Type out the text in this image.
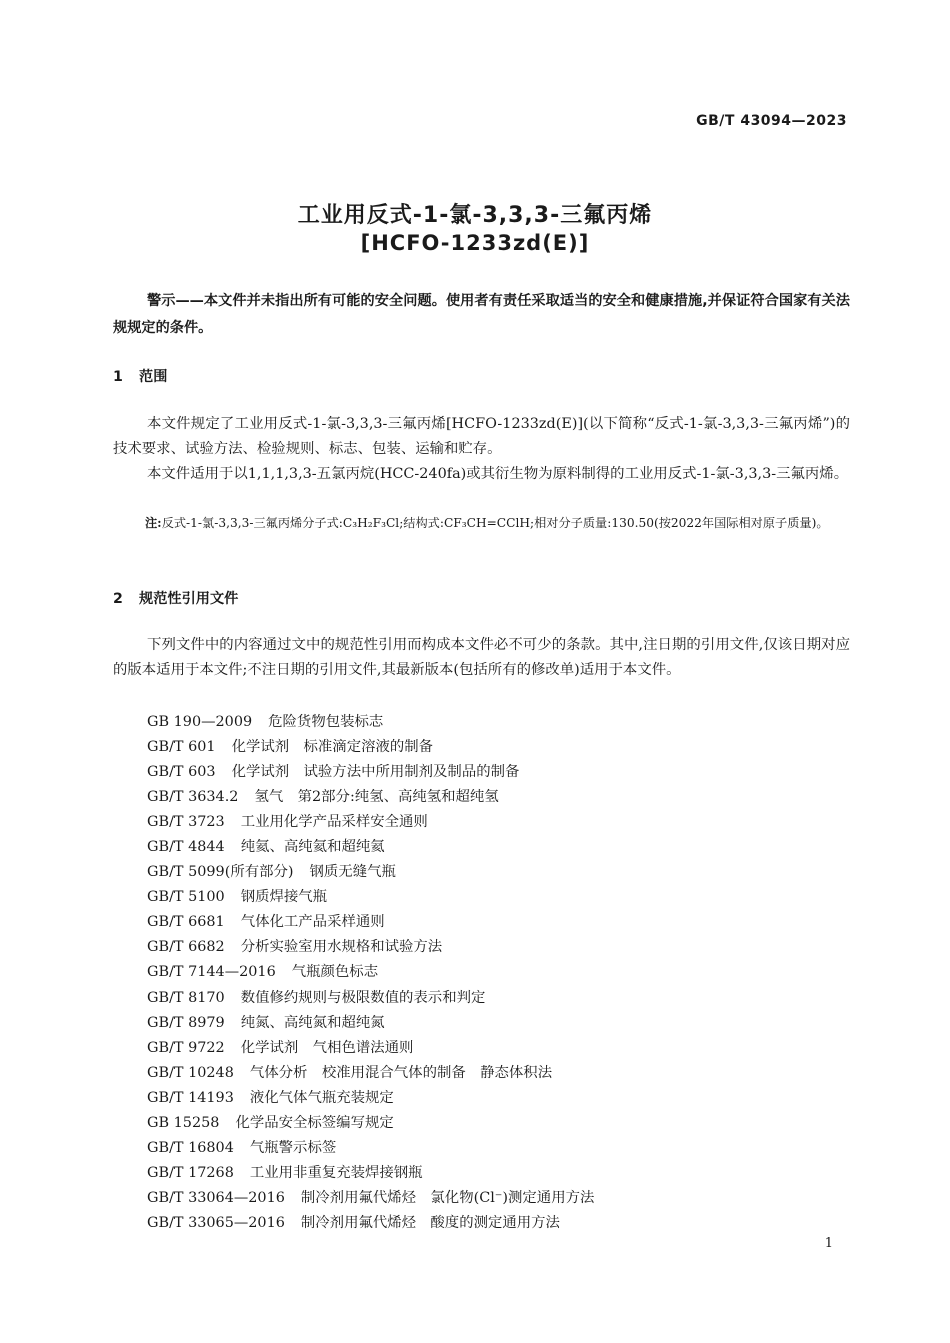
GB/T 43094—2023
工业用反式-1-氯-3,3,3-三氟丙烯
[HCFO-1233zd(E)]
警示——本文件并未指出所有可能的安全问题。使用者有责任采取适当的安全和健康措施,并保证符合国家有关法规规定的条件。
1 范围
本文件规定了工业用反式-1-氯-3,3,3-三氟丙烯[HCFO-1233zd(E)](以下简称“反式-1-氯-3,3,3-三氟丙烯”)的技术要求、试验方法、检验规则、标志、包装、运输和贮存。
本文件适用于以1,1,1,3,3-五氯丙烷(HCC-240fa)或其衍生物为原料制得的工业用反式-1-氯-3,3,3-三氟丙烯。
注:反式-1-氯-3,3,3-三氟丙烯分子式:C₃H₂F₃Cl;结构式:CF₃CH=CClH;相对分子质量:130.50(按2022年国际相对原子质量)。
2 规范性引用文件
下列文件中的内容通过文中的规范性引用而构成本文件必不可少的条款。其中,注日期的引用文件,仅该日期对应的版本适用于本文件;不注日期的引用文件,其最新版本(包括所有的修改单)适用于本文件。
GB 190—2009 危险货物包装标志
GB/T 601 化学试剂　标准滴定溶液的制备
GB/T 603 化学试剂　试验方法中所用制剂及制品的制备
GB/T 3634.2 氢气　第2部分:纯氢、高纯氢和超纯氢
GB/T 3723 工业用化学产品采样安全通则
GB/T 4844 纯氦、高纯氦和超纯氦
GB/T 5099(所有部分) 钢质无缝气瓶
GB/T 5100 钢质焊接气瓶
GB/T 6681 气体化工产品采样通则
GB/T 6682 分析实验室用水规格和试验方法
GB/T 7144—2016 气瓶颜色标志
GB/T 8170 数值修约规则与极限数值的表示和判定
GB/T 8979 纯氮、高纯氮和超纯氮
GB/T 9722 化学试剂　气相色谱法通则
GB/T 10248 气体分析　校准用混合气体的制备　静态体积法
GB/T 14193 液化气体气瓶充装规定
GB 15258 化学品安全标签编写规定
GB/T 16804 气瓶警示标签
GB/T 17268 工业用非重复充装焊接钢瓶
GB/T 33064—2016 制冷剂用氟代烯烃　氯化物(Cl⁻)测定通用方法
GB/T 33065—2016 制冷剂用氟代烯烃　酸度的测定通用方法
1
